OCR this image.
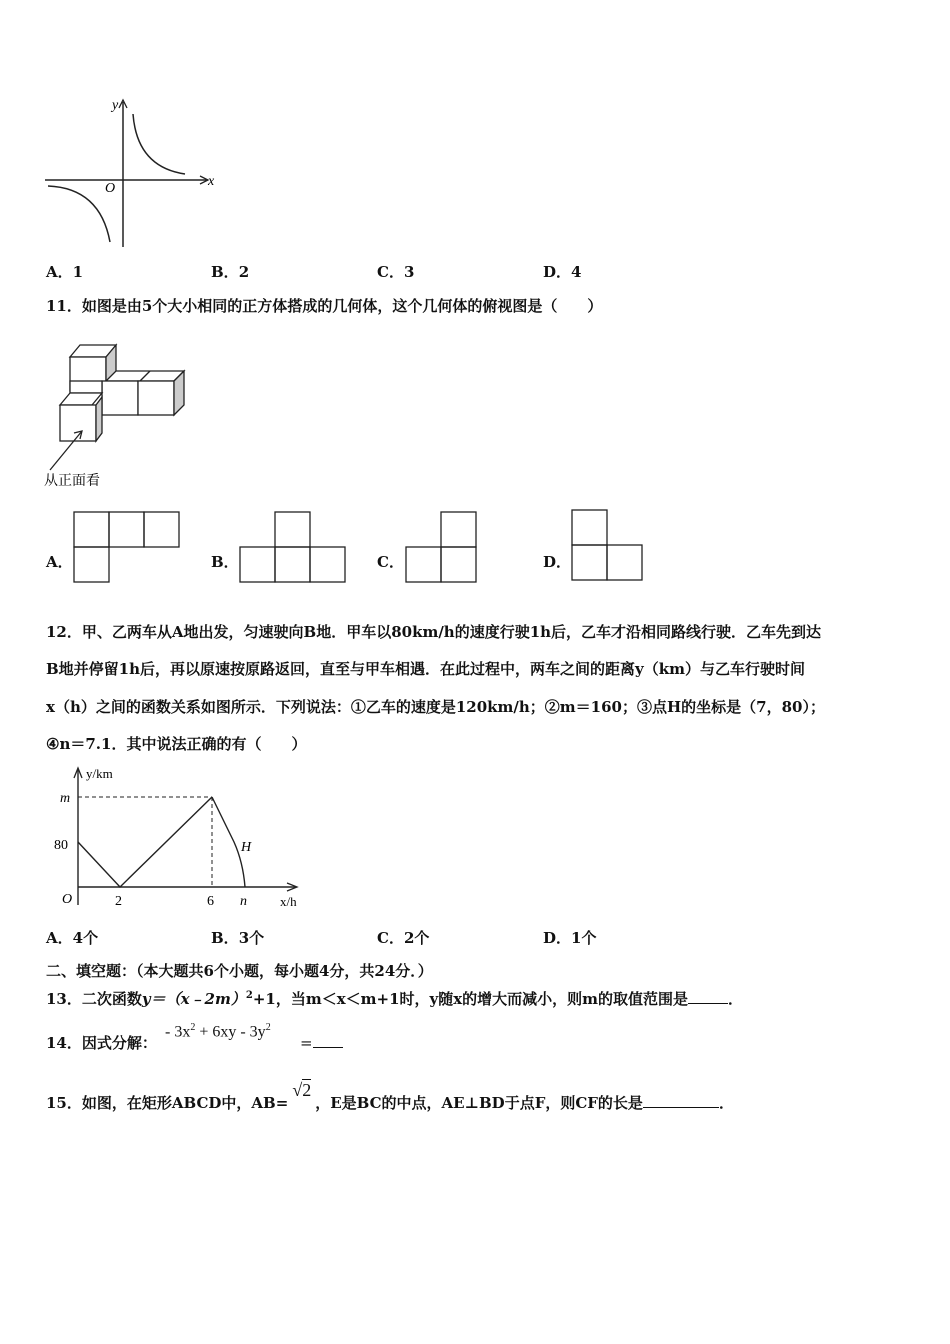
y
x
O
A．1	B．2	C．3	D．4
11．如图是由5个大小相同的正方体搭成的几何体，这个几何体的俯视图是（　　）
从正面看
A．	B．	C．	D．
12．甲、乙两车从A地出发，匀速驶向B地．甲车以80km/h的速度行驶1h后，乙车才沿相同路线行驶．乙车先到达
B地并停留1h后，再以原速按原路返回，直至与甲车相遇．在此过程中，两车之间的距离y（km）与乙车行驶时间
x（h）之间的函数关系如图所示．下列说法：①乙车的速度是120km/h；②m＝160；③点H的坐标是（7，80）；
④n＝7.1．其中说法正确的有（　　）
y/km
m
80
O	2	6 n	x/h
H
A．4个	B．3个	C．2个	D．1个
二、填空题：（本大题共6个小题，每小题4分，共24分．）
13．二次函数y＝（x﹣2m）$^2$+1，当m＜x＜m+1时，y随x的增大而减小，则m的取值范围是	．
14．因式分解：
- $3x^2 + 6xy - 3y^2$
=
15．如图，在矩形ABCD中，AB=√2，E是BC的中点，AE⊥BD于点F，则CF的长是	．
